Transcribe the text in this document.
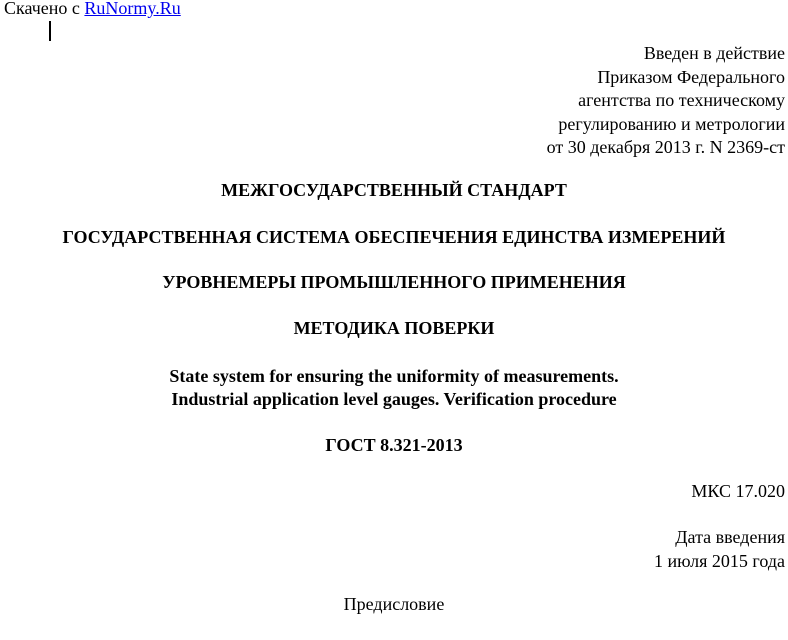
Скачено с RuNormy.Ru
Введен в действие
Приказом Федерального
агентства по техническому
регулированию и метрологии
от 30 декабря 2013 г. N 2369-ст
МЕЖГОСУДАРСТВЕННЫЙ СТАНДАРТ
ГОСУДАРСТВЕННАЯ СИСТЕМА ОБЕСПЕЧЕНИЯ ЕДИНСТВА ИЗМЕРЕНИЙ
УРОВНЕМЕРЫ ПРОМЫШЛЕННОГО ПРИМЕНЕНИЯ
МЕТОДИКА ПОВЕРКИ
State system for ensuring the uniformity of measurements.
Industrial application level gauges. Verification procedure
ГОСТ 8.321-2013
МКС 17.020
Дата введения
1 июля 2015 года
Предисловие
